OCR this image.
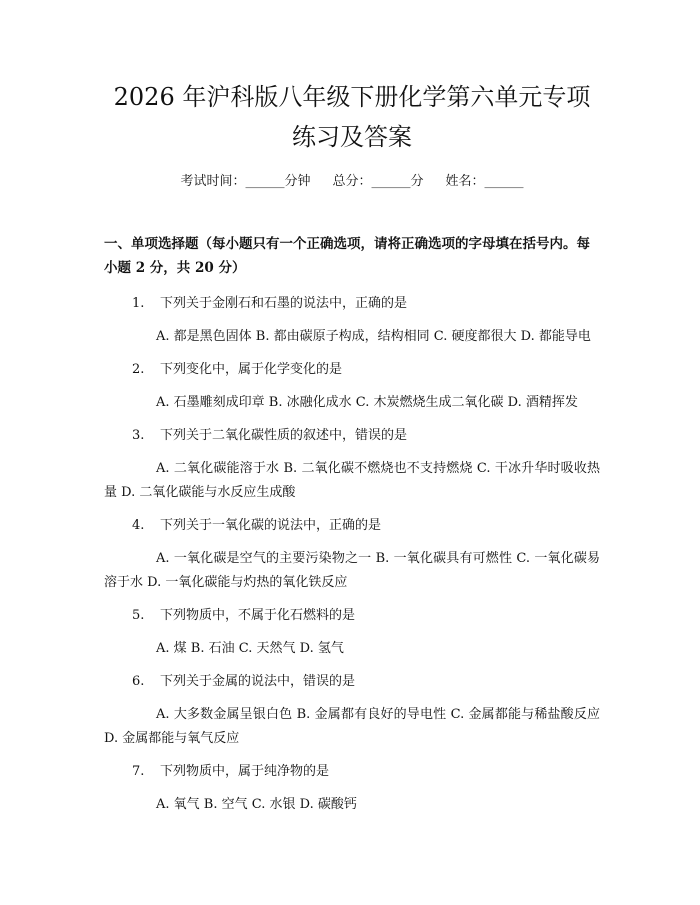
2026 年沪科版八年级下册化学第六单元专项
练习及答案
考试时间：______分钟 总分：______分 姓名：______
一、单项选择题（每小题只有一个正确选项，请将正确选项的字母填在括号内。每小题 2 分，共 20 分）
1. 下列关于金刚石和石墨的说法中，正确的是
A. 都是黑色固体 B. 都由碳原子构成，结构相同 C. 硬度都很大 D. 都能导电
2. 下列变化中，属于化学变化的是
A. 石墨雕刻成印章 B. 冰融化成水 C. 木炭燃烧生成二氧化碳 D. 酒精挥发
3. 下列关于二氧化碳性质的叙述中，错误的是
A. 二氧化碳能溶于水 B. 二氧化碳不燃烧也不支持燃烧 C. 干冰升华时吸收热量 D. 二氧化碳能与水反应生成酸
4. 下列关于一氧化碳的说法中，正确的是
A. 一氧化碳是空气的主要污染物之一 B. 一氧化碳具有可燃性 C. 一氧化碳易溶于水 D. 一氧化碳能与灼热的氧化铁反应
5. 下列物质中，不属于化石燃料的是
A. 煤 B. 石油 C. 天然气 D. 氢气
6. 下列关于金属的说法中，错误的是
A. 大多数金属呈银白色 B. 金属都有良好的导电性 C. 金属都能与稀盐酸反应 D. 金属都能与氧气反应
7. 下列物质中，属于纯净物的是
A. 氧气 B. 空气 C. 水银 D. 碳酸钙
